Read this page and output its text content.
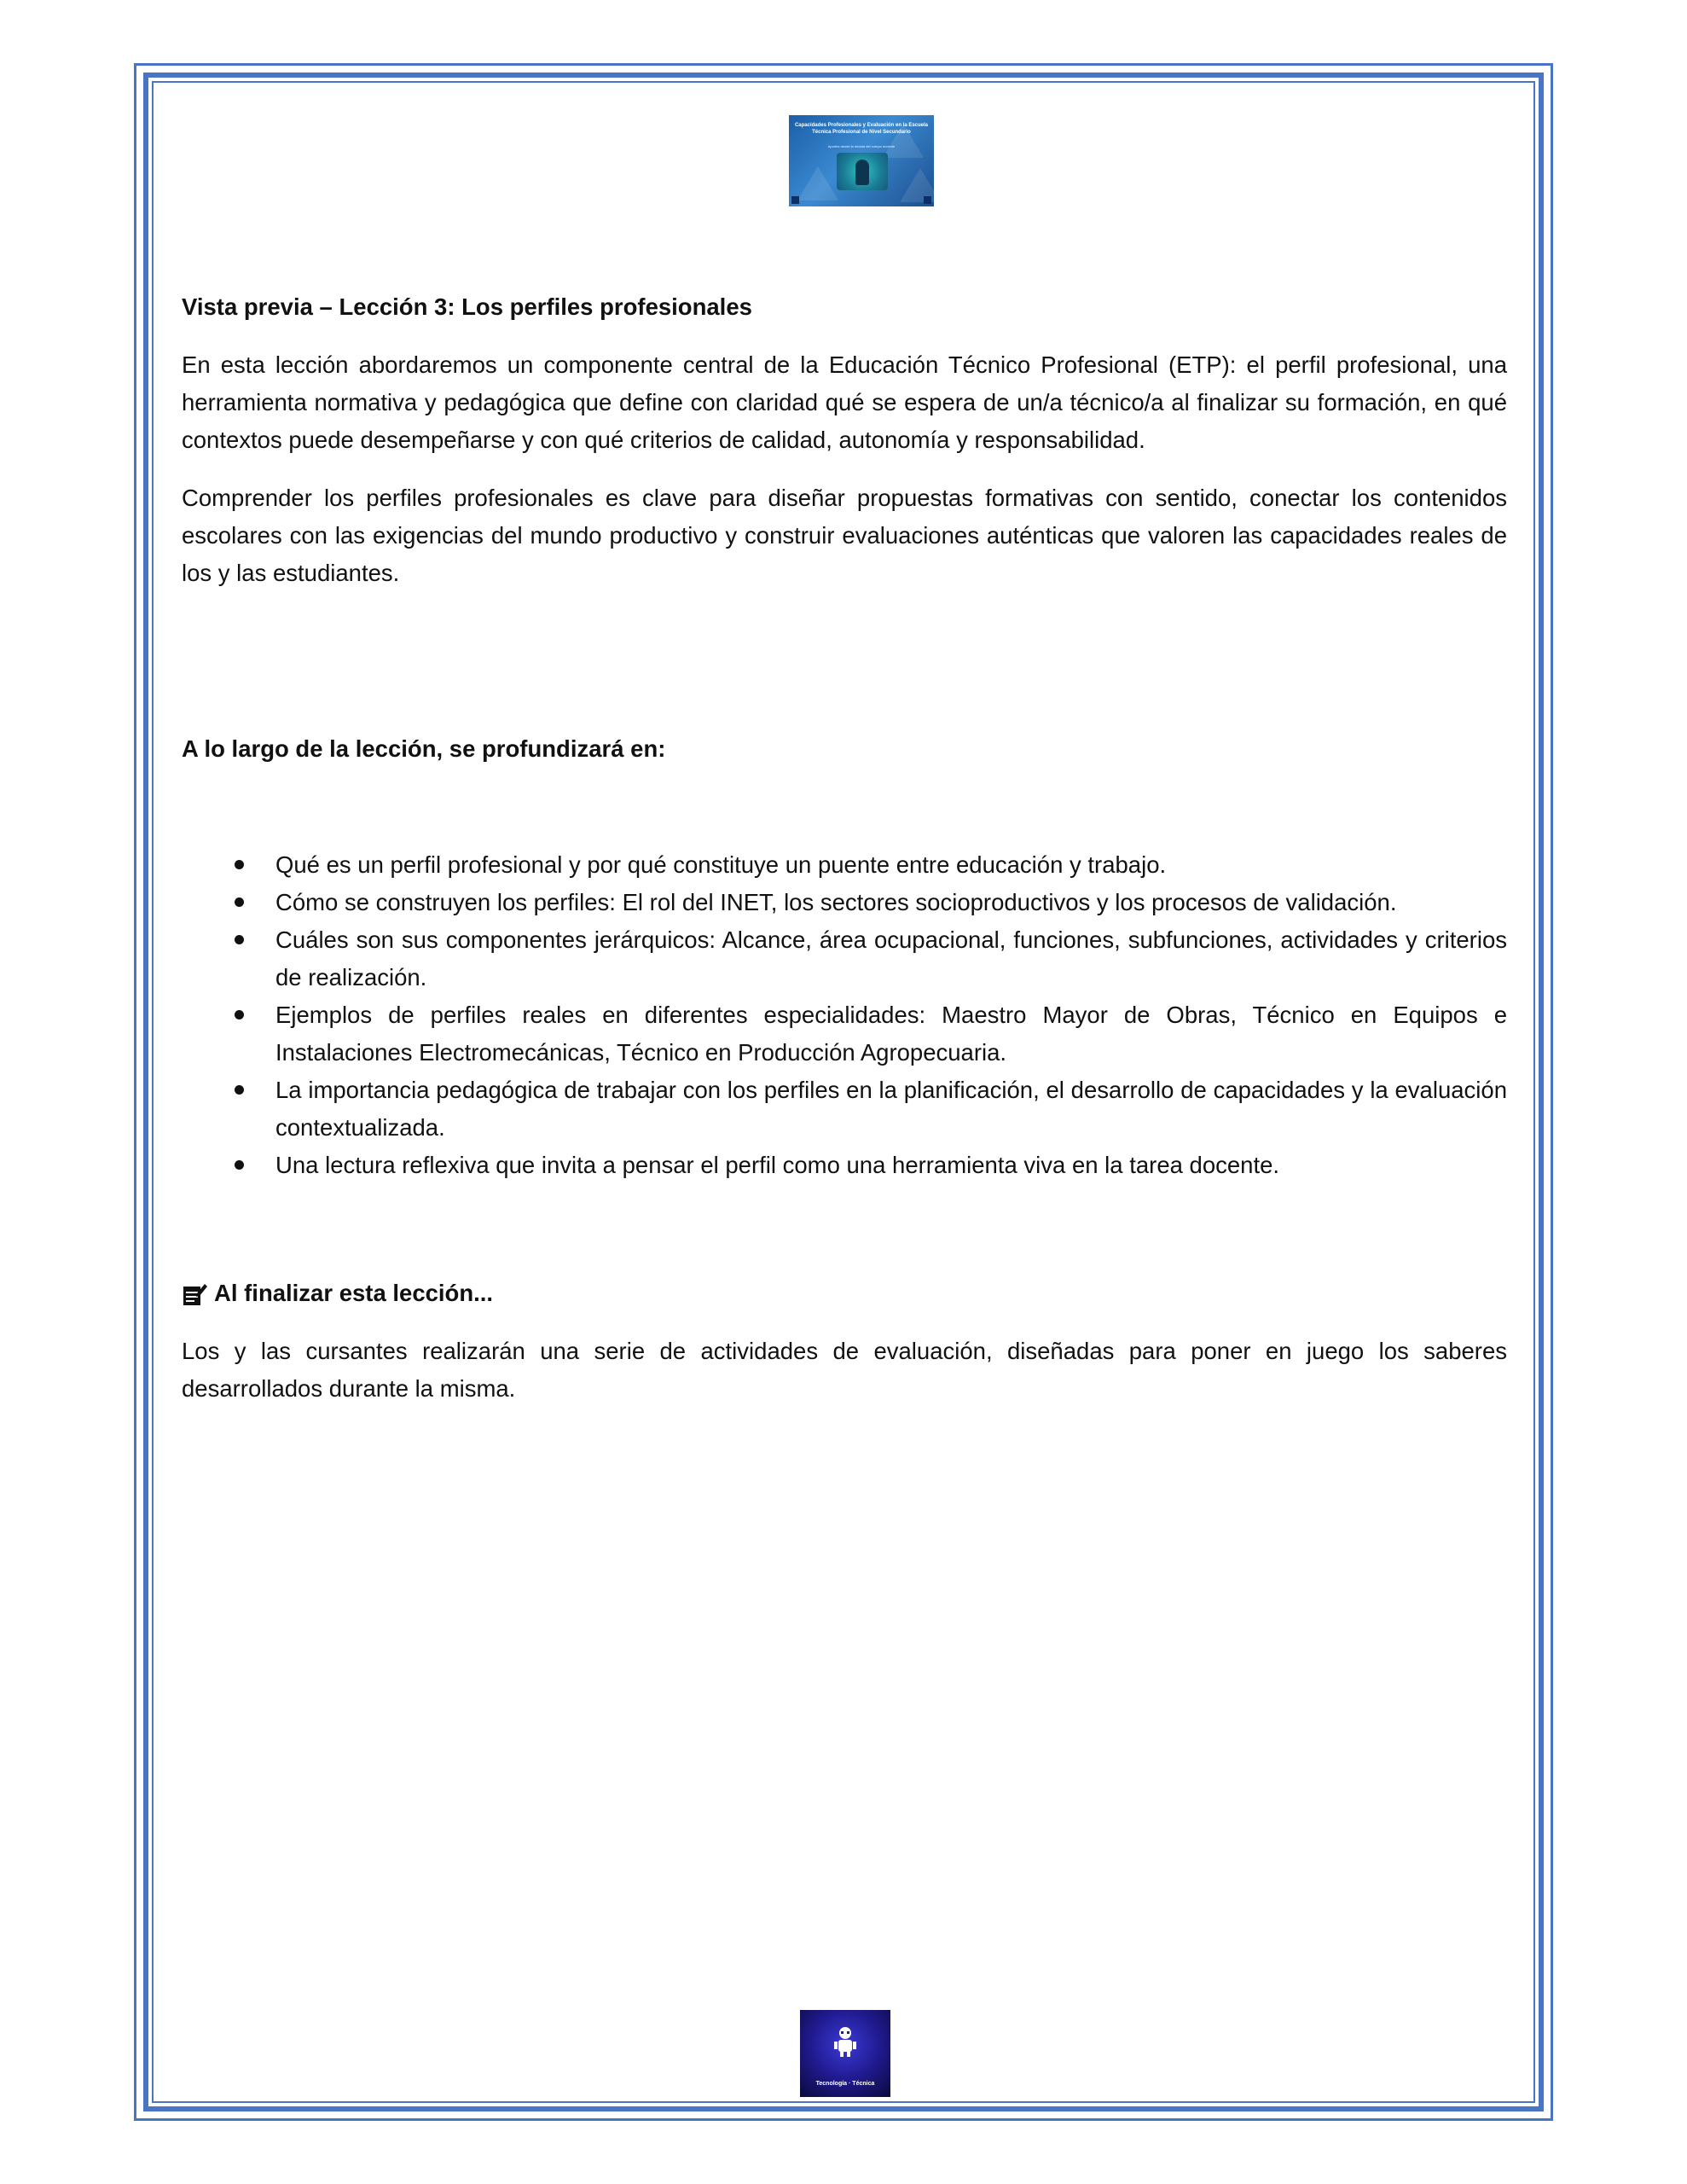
Capacidades Profesionales y Evaluación en la Escuela Técnica Profesional de Nivel Secundario
Aportes desde la mirada del cuerpo docente

Vista previa – Lección 3: Los perfiles profesionales

En esta lección abordaremos un componente central de la Educación Técnico Profesional (ETP): el perfil profesional, una herramienta normativa y pedagógica que define con claridad qué se espera de un/a técnico/a al finalizar su formación, en qué contextos puede desempeñarse y con qué criterios de calidad, autonomía y responsabilidad.

Comprender los perfiles profesionales es clave para diseñar propuestas formativas con sentido, conectar los contenidos escolares con las exigencias del mundo productivo y construir evaluaciones auténticas que valoren las capacidades reales de los y las estudiantes.

A lo largo de la lección, se profundizará en:

Qué es un perfil profesional y por qué constituye un puente entre educación y trabajo.
Cómo se construyen los perfiles: El rol del INET, los sectores socioproductivos y los procesos de validación.
Cuáles son sus componentes jerárquicos: Alcance, área ocupacional, funciones, subfunciones, actividades y criterios de realización.
Ejemplos de perfiles reales en diferentes especialidades: Maestro Mayor de Obras, Técnico en Equipos e Instalaciones Electromecánicas, Técnico en Producción Agropecuaria.
La importancia pedagógica de trabajar con los perfiles en la planificación, el desarrollo de capacidades y la evaluación contextualizada.
Una lectura reflexiva que invita a pensar el perfil como una herramienta viva en la tarea docente.

Al finalizar esta lección...

Los y las cursantes realizarán una serie de actividades de evaluación, diseñadas para poner en juego los saberes desarrollados durante la misma.

Tecnología · Técnica
